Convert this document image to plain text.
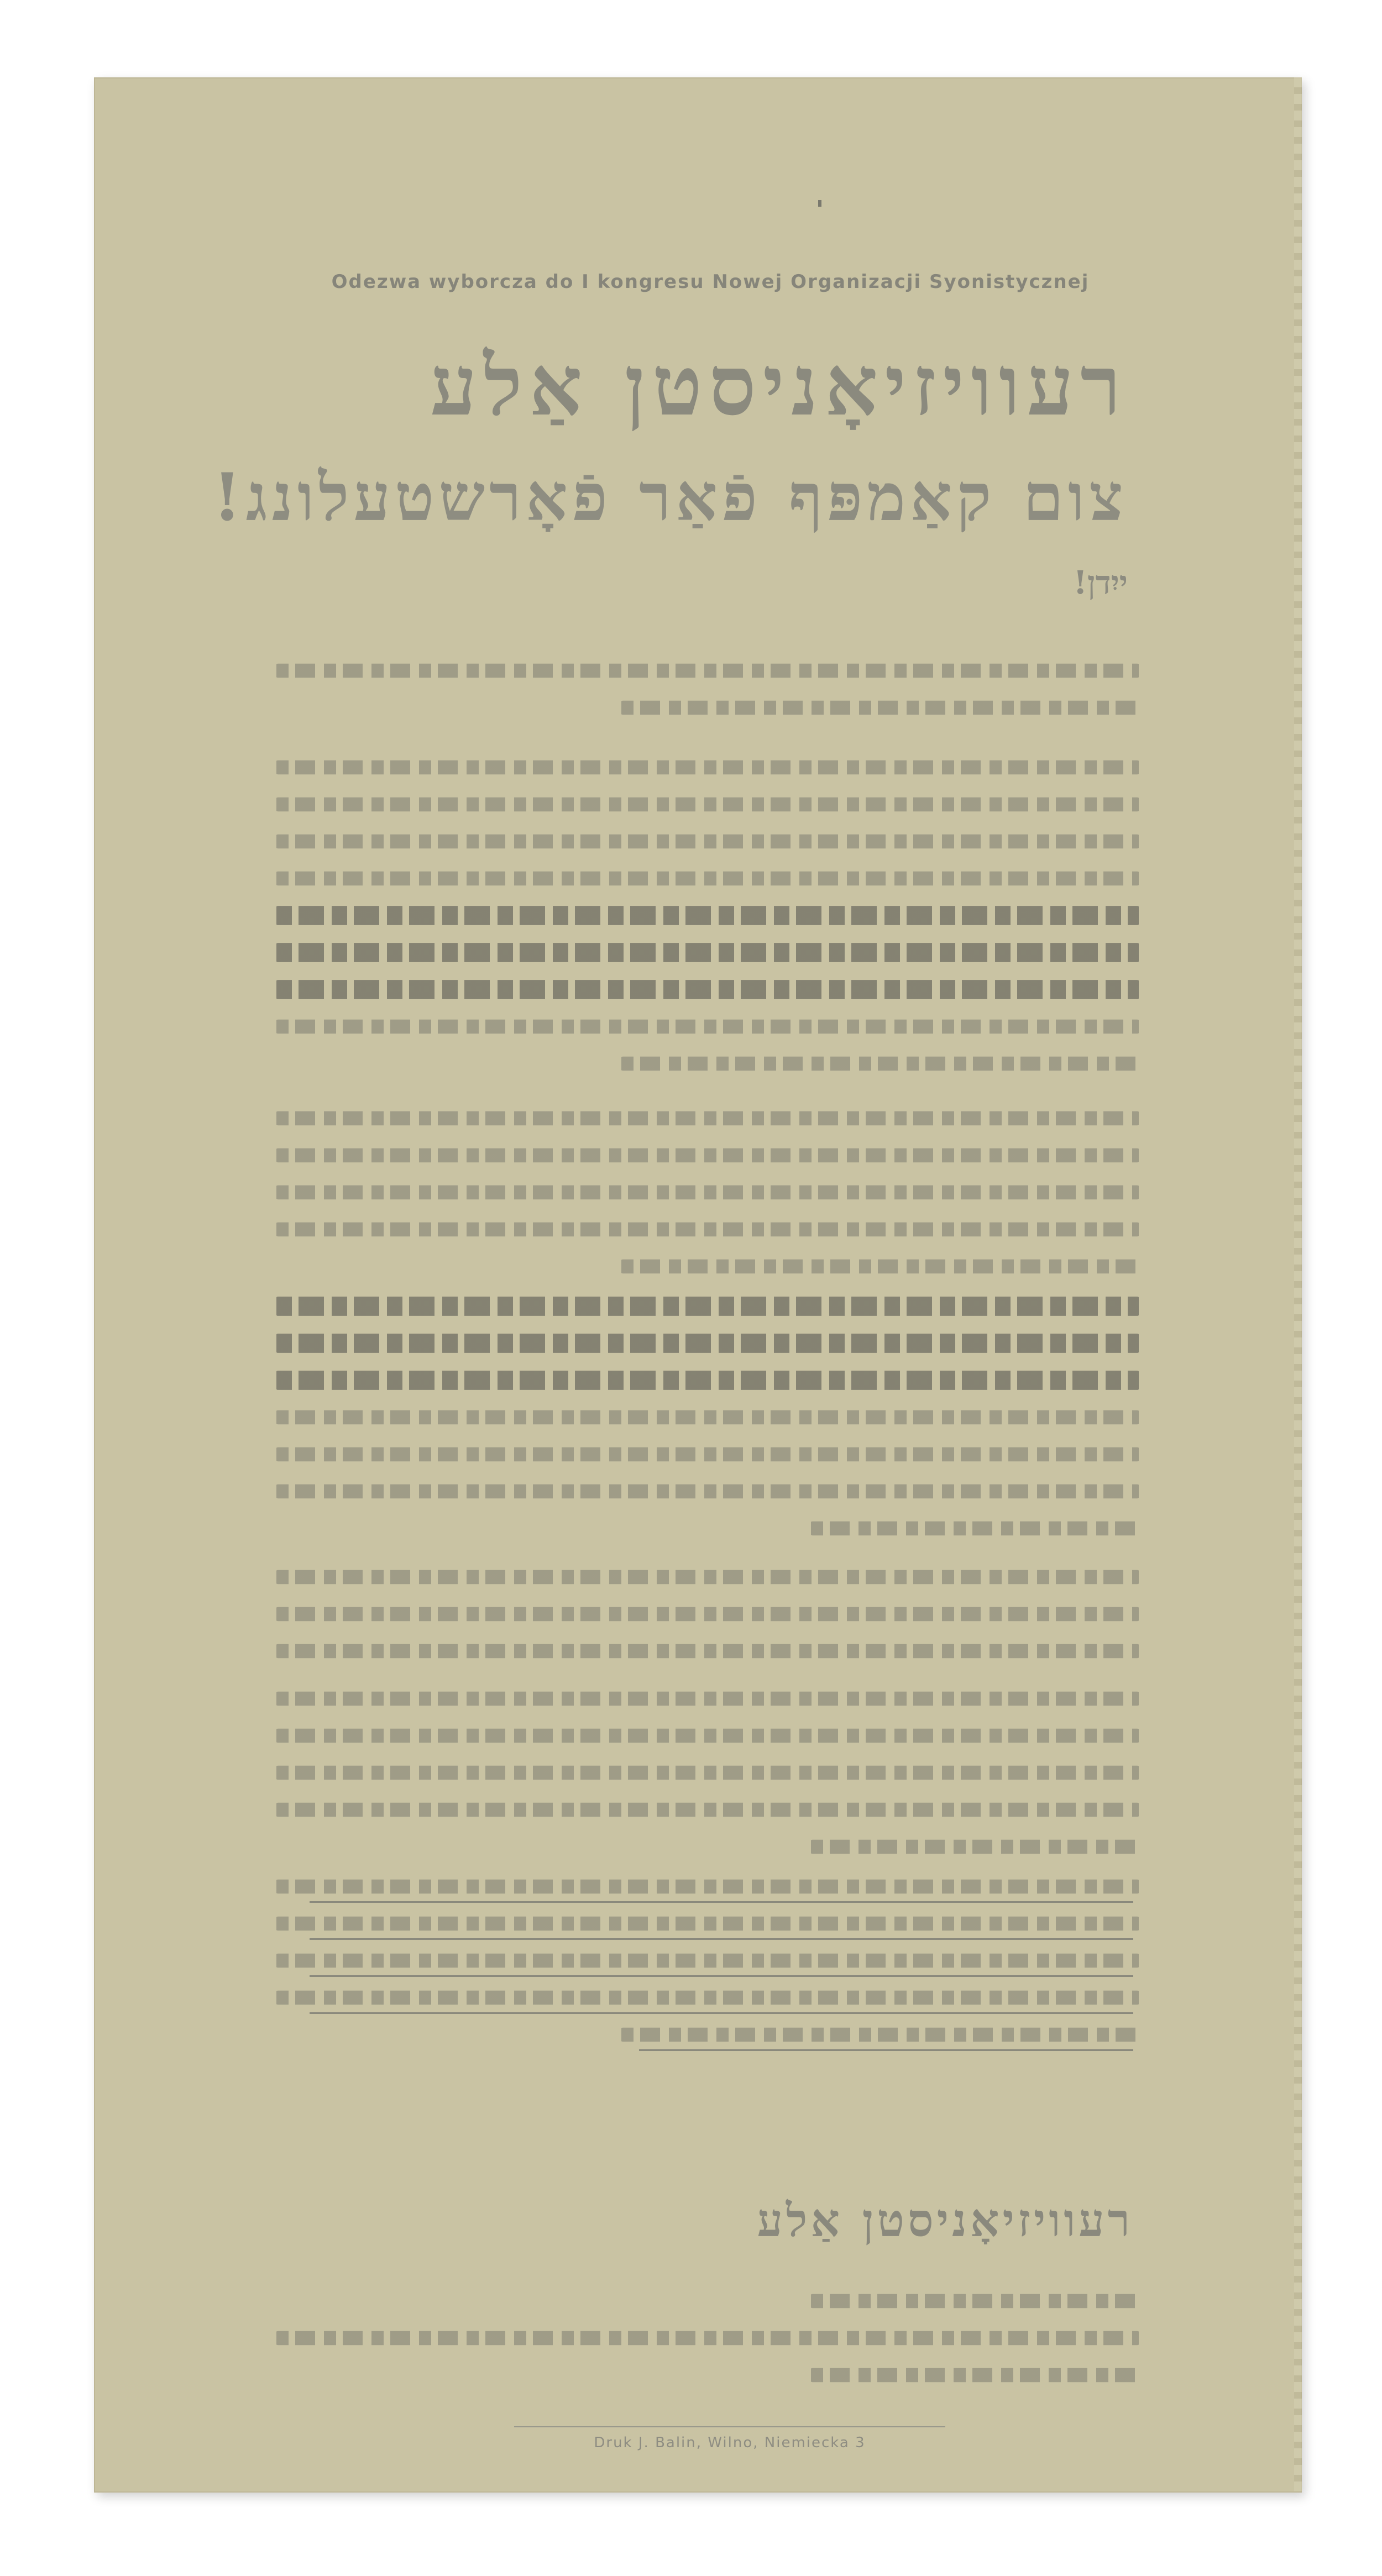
Odezwa wyborcza do I kongresu Nowej Organizacji Syonistycznej
רעוויזיאָניסטן אַלע
צום קאַמפּף פֿאַר פֿאָרשטעלונג!
ייִדן!
רעוויזיאָניסטן אַלע
Druk J. Balin, Wilno, Niemiecka 3
